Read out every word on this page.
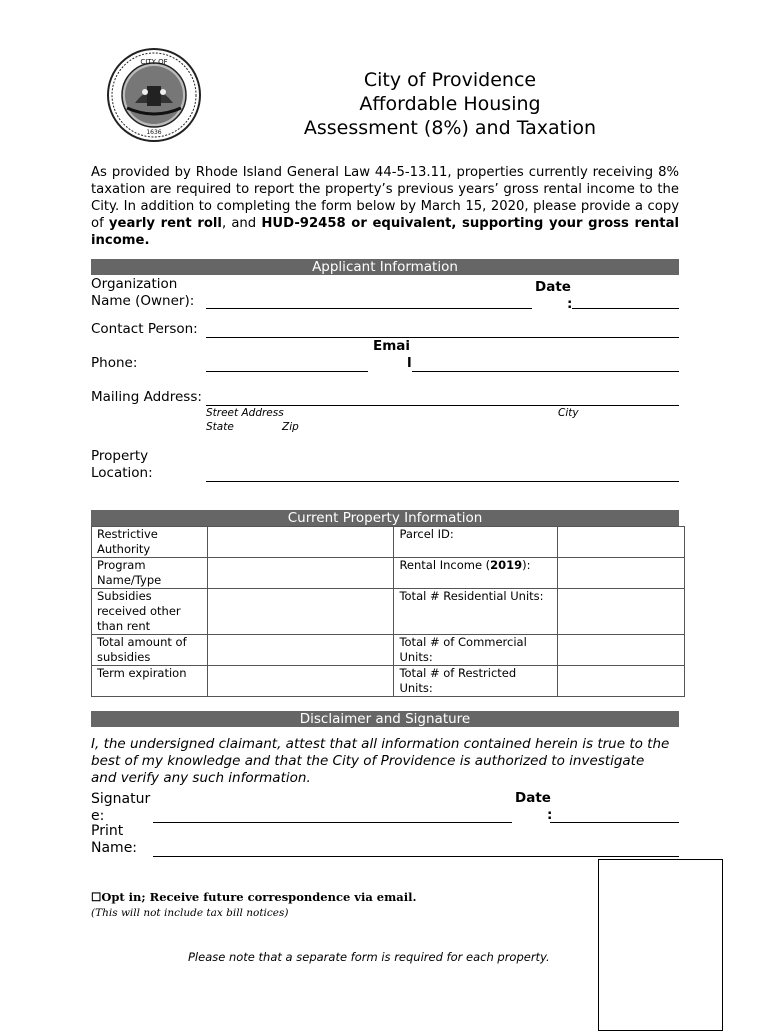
CITY OF
1636
City of Providence
Affordable Housing
Assessment (8%) and Taxation
As provided by Rhode Island General Law 44-5-13.11, properties currently receiving 8% taxation are required to report the property’s previous years’ gross rental income to the City. In addition to completing the form below by March 15, 2020, please provide a copy of yearly rent roll, and HUD-92458 or equivalent, supporting your gross rental income.
Applicant Information
Organization
Name (Owner):
Date
:
Contact Person:
Emai
l
Phone:
Mailing Address:
Street Address	City
State	Zip
Property
Location:
Current Property Information
Restrictive Authority		Parcel ID:	
Program Name/Type		Rental Income (2019):	
Subsidies received other than rent		Total # Residential Units:	
Total amount of subsidies		Total # of Commercial Units:	
Term expiration		Total # of Restricted Units:	
Disclaimer and Signature
I, the undersigned claimant, attest that all information contained herein is true to the best of my knowledge and that the City of Providence is authorized to investigate and verify any such information.
Signatur
e:
Date
:
Print
Name:
☐Opt in; Receive future correspondence via email.
(This will not include tax bill notices)
Please note that a separate form is required for each property.
